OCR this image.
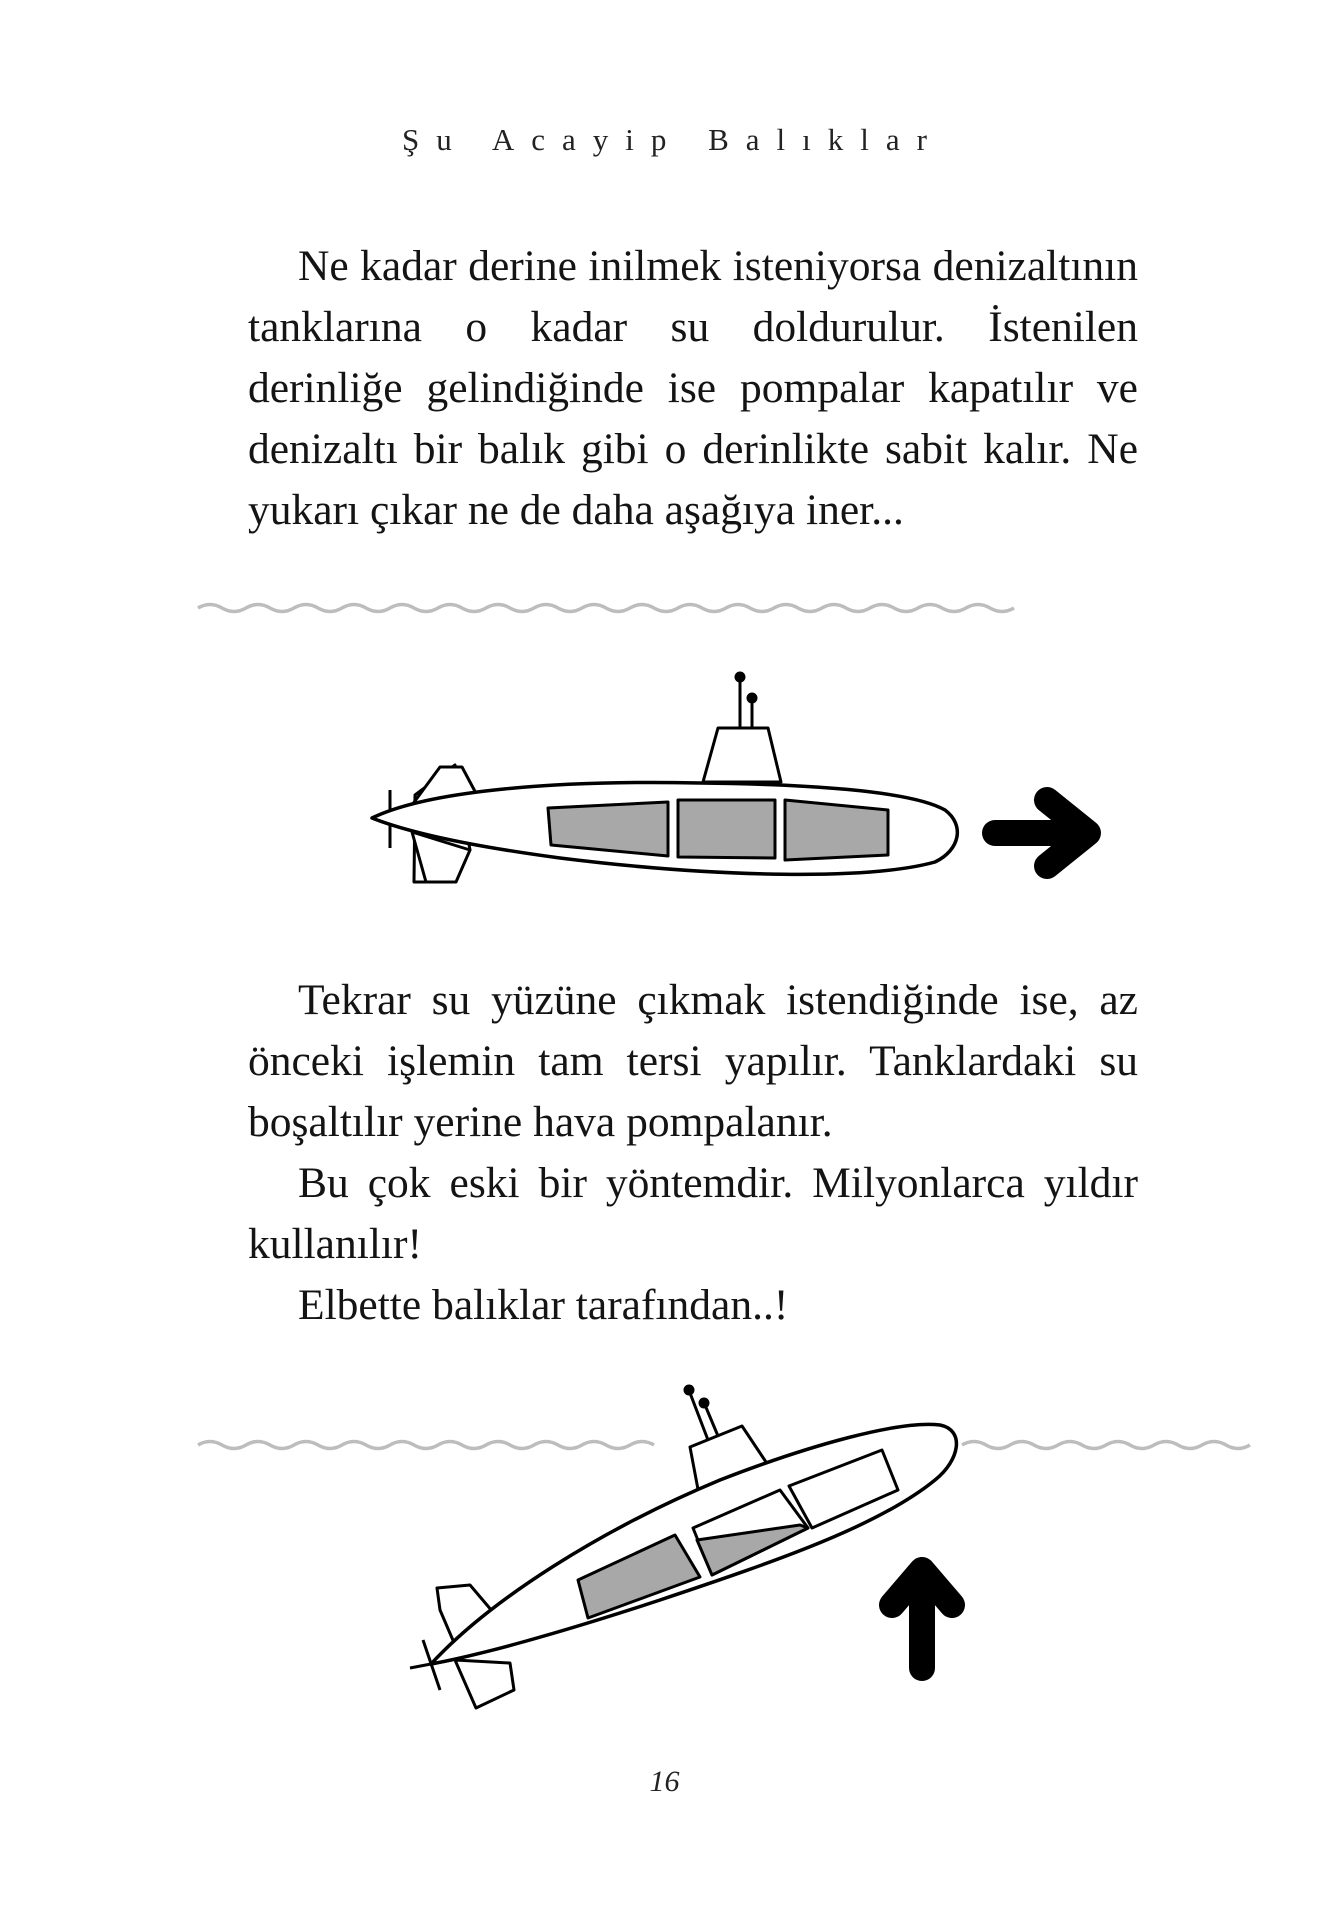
Şu Acayip Balıklar

Ne kadar derine inilmek isteniyorsa denizaltının tanklarına o kadar su doldurulur. İstenilen derinliğe gelindiğinde ise pompalar kapatılır ve denizaltı bir balık gibi o derinlikte sabit kalır. Ne yukarı çıkar ne de daha aşağıya iner...

Tekrar su yüzüne çıkmak istendiğinde ise, az önceki işlemin tam tersi yapılır. Tanklardaki su boşaltılır yerine hava pompalanır.

Bu çok eski bir yöntemdir. Milyonlarca yıldır kullanılır!

Elbette balıklar tarafından..!

16
